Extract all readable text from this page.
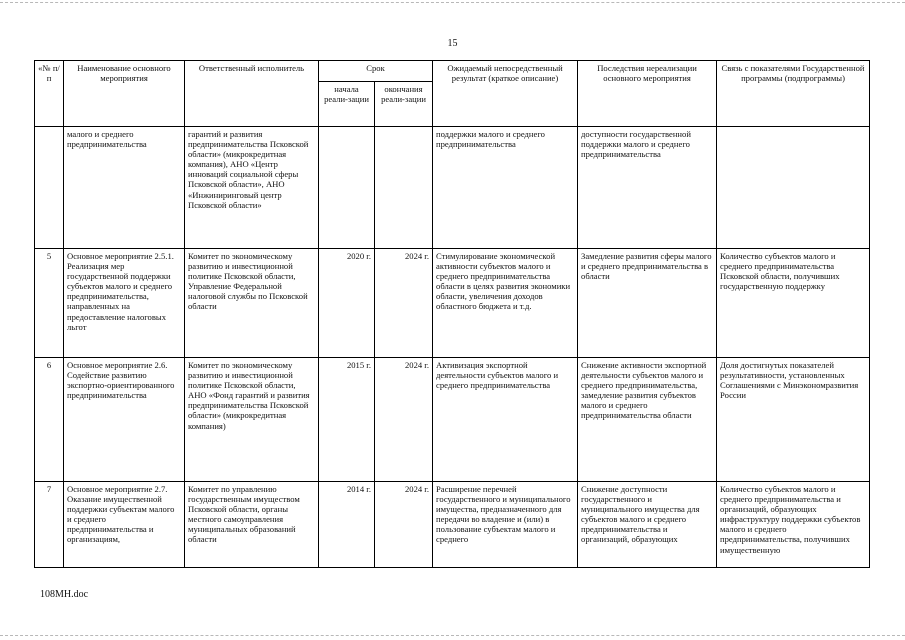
15
«№ п/п	Наименование основного мероприятия	Ответственный исполнитель	Срок		Ожидаемый непосредственный результат (краткое описание)	Последствия нереализации основного мероприятия	Связь с показателями Государственной программы (подпрограммы)
			начала реали-зации	окончания реали-зации			
	малого и среднего предпринимательства	гарантий и развития предпринимательства Псковской области» (микрокредитная компания), АНО «Центр инноваций социальной сферы Псковской области», АНО «Инжиниринговый центр Псковской области»			поддержки малого и среднего предпринимательства	доступности государственной поддержки малого и среднего предпринимательства	
5	Основное мероприятие 2.5.1. Реализация мер государственной поддержки субъектов малого и среднего предпринимательства, направленных на предоставление налоговых льгот	Комитет по экономическому развитию и инвестиционной политике Псковской области, Управление Федеральной налоговой службы по Псковской области	2020 г.	2024 г.	Стимулирование экономической активности субъектов малого и среднего предпринимательства области в целях развития экономики области, увеличения доходов областного бюджета и т.д.	Замедление развития сферы малого и среднего предпринимательства в области	Количество субъектов малого и среднего предпринимательства Псковской области, получивших государственную поддержку
6	Основное мероприятие 2.6. Содействие развитию экспортно-ориентированного предпринимательства	Комитет по экономическому развитию и инвестиционной политике Псковской области, АНО «Фонд гарантий и развития предпринимательства Псковской области» (микрокредитная компания)	2015 г.	2024 г.	Активизация экспортной деятельности субъектов малого и среднего предпринимательства	Снижение активности экспортной деятельности субъектов малого и среднего предпринимательства, замедление развития субъектов малого и среднего предпринимательства области	Доля достигнутых показателей результативности, установленных Соглашениями с Минэкономразвития России
7	Основное мероприятие 2.7. Оказание имущественной поддержки субъектам малого и среднего предпринимательства и организациям,	Комитет по управлению государственным имуществом Псковской области, органы местного самоуправления муниципальных образований области	2014 г.	2024 г.	Расширение перечней государственного и муниципального имущества, предназначенного для передачи во владение и (или) в пользование субъектам малого и среднего	Снижение доступности государственного и муниципального имущества для субъектов малого и среднего предпринимательства и организаций, образующих	Количество субъектов малого и среднего предпринимательства и организаций, образующих инфраструктуру поддержки субъектов малого и среднего предпринимательства, получивших имущественную
108МН.doc
